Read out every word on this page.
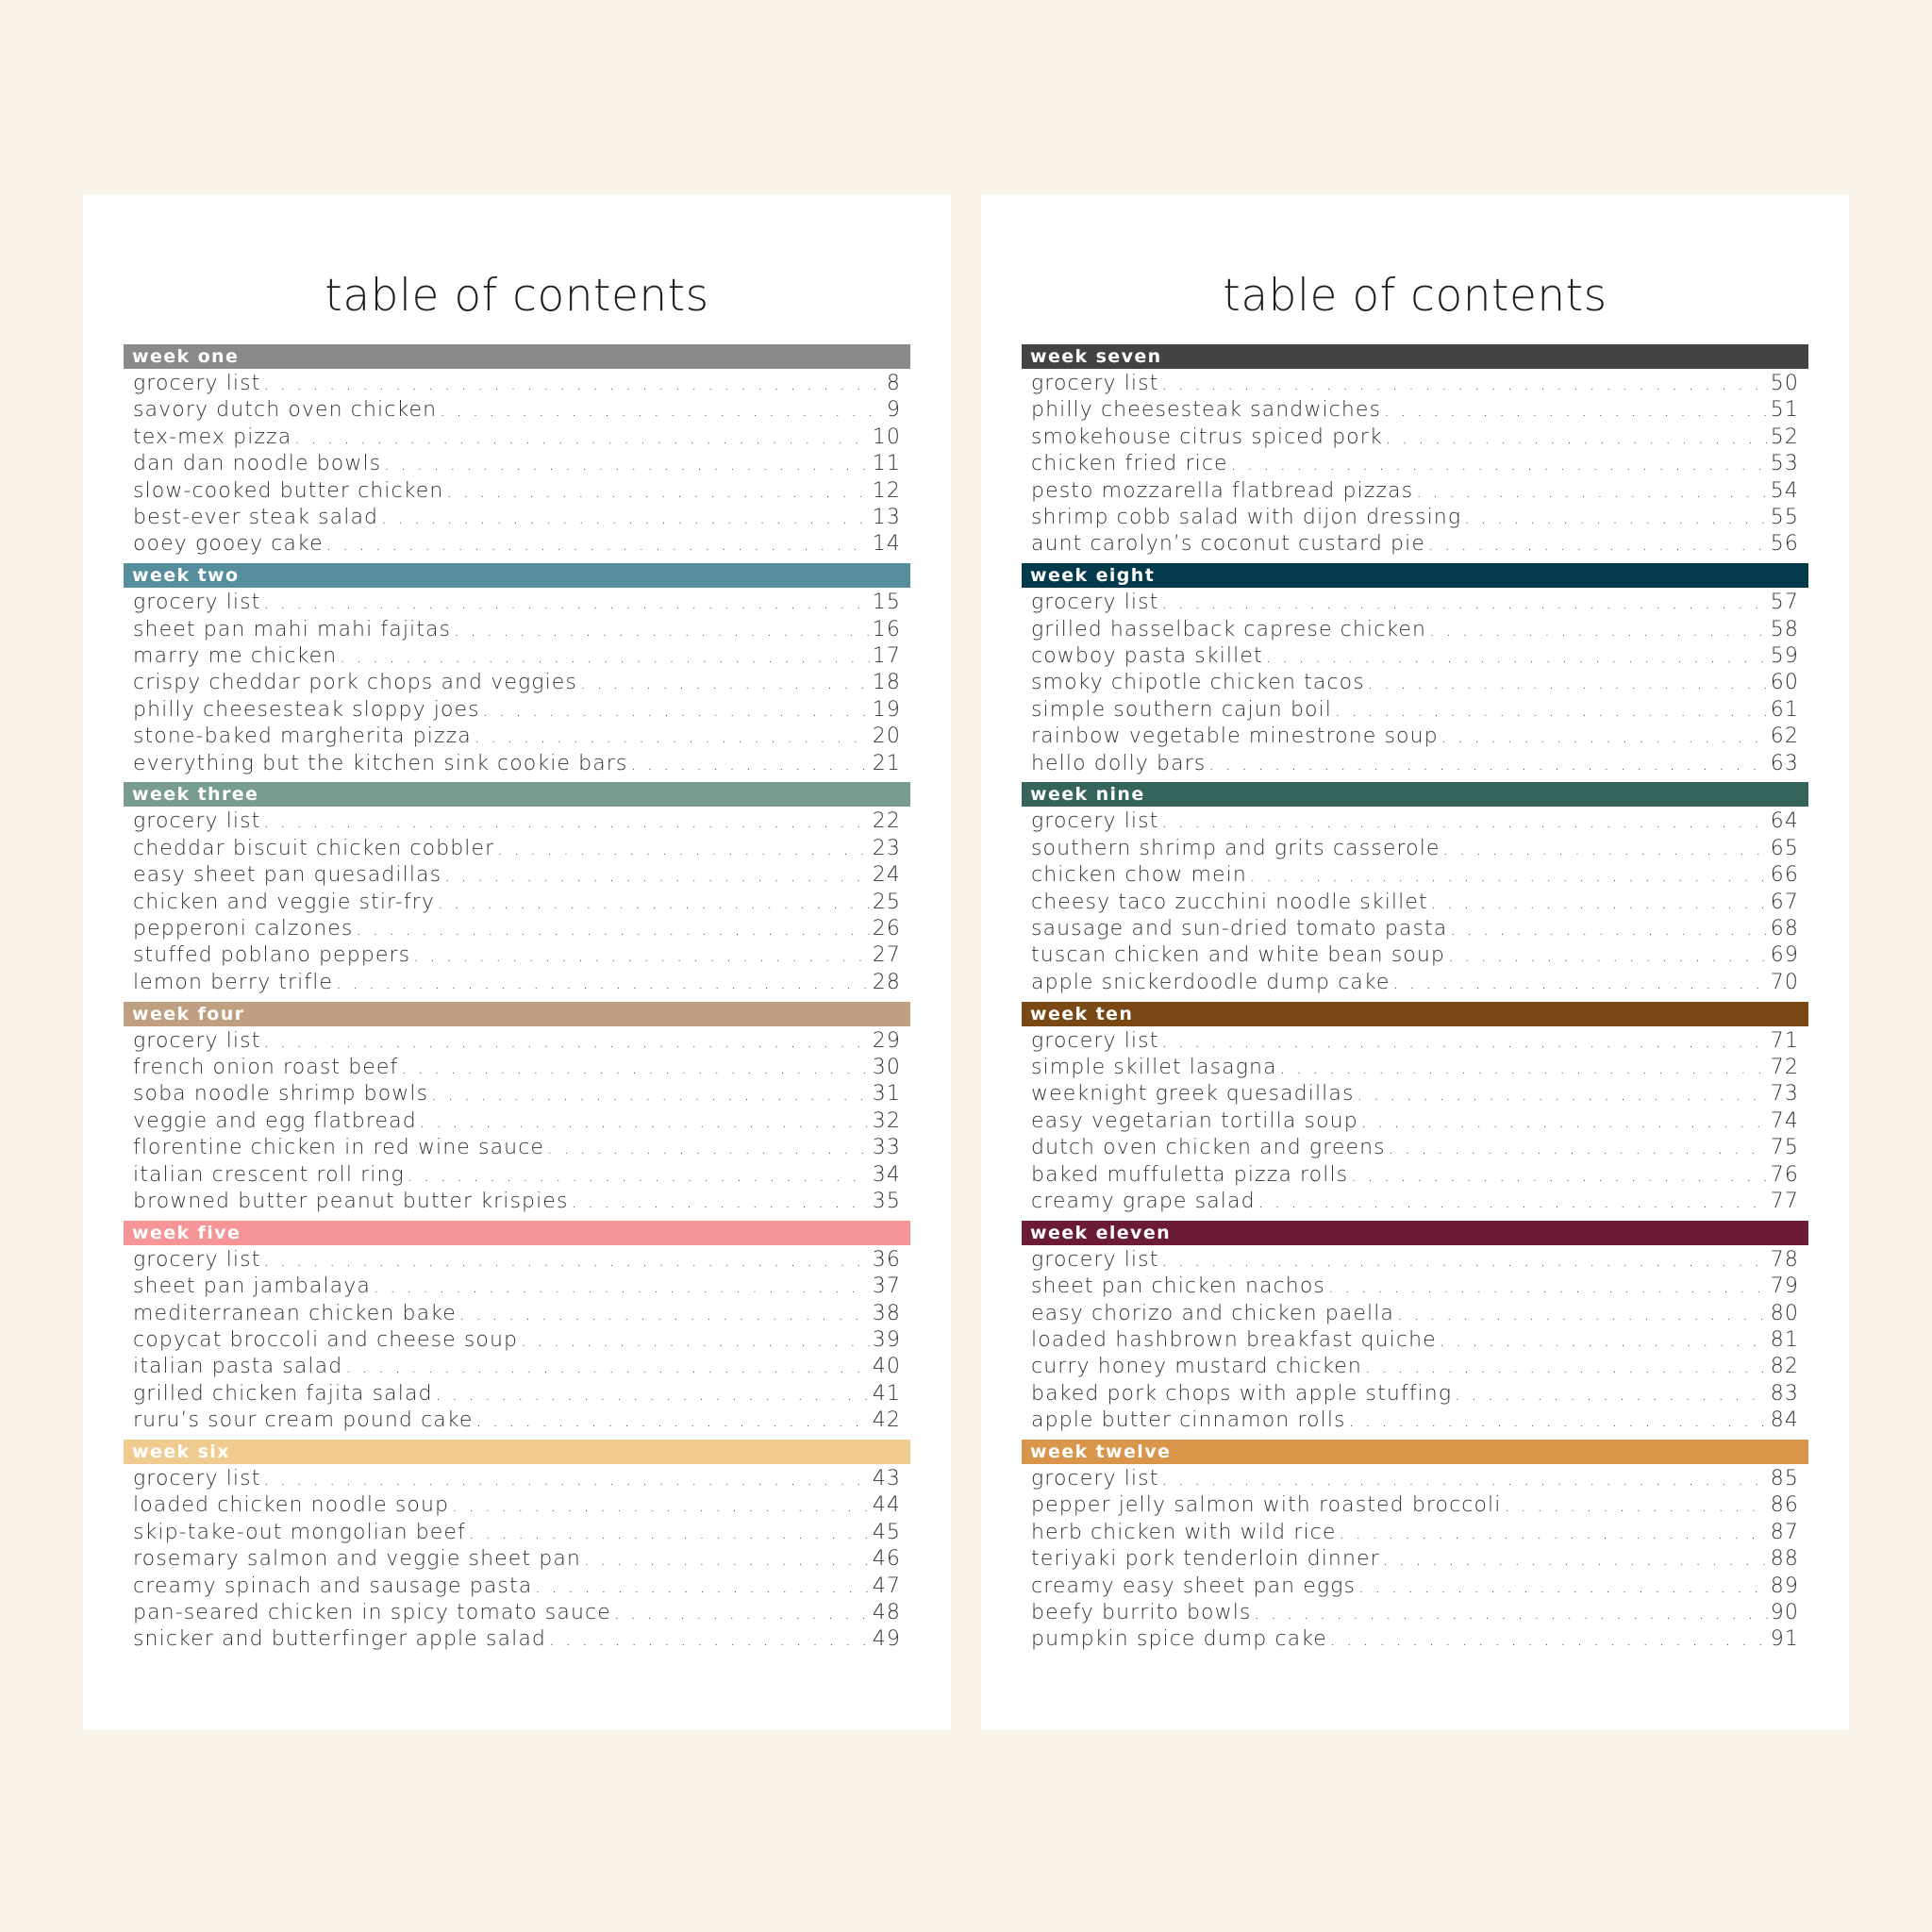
table of contents
week one
grocery list . . .	8
savory dutch oven chicken . . .	9
tex-mex pizza . . .	10
dan dan noodle bowls . . .	11
slow-cooked butter chicken . . .	12
best-ever steak salad . . .	13
ooey gooey cake . . .	14
week two
grocery list . . .	15
sheet pan mahi mahi fajitas . . .	16
marry me chicken . . .	17
crispy cheddar pork chops and veggies . . .	18
philly cheesesteak sloppy joes . . .	19
stone-baked margherita pizza . . .	20
everything but the kitchen sink cookie bars . . .	21
week three
grocery list . . .	22
cheddar biscuit chicken cobbler . . .	23
easy sheet pan quesadillas . . .	24
chicken and veggie stir-fry . . .	25
pepperoni calzones . . .	26
stuffed poblano peppers . . .	27
lemon berry trifle . . .	28
week four
grocery list . . .	29
french onion roast beef . . .	30
soba noodle shrimp bowls . . .	31
veggie and egg flatbread . . .	32
florentine chicken in red wine sauce . . .	33
italian crescent roll ring . . .	34
browned butter peanut butter krispies . . .	35
week five
grocery list . . .	36
sheet pan jambalaya . . .	37
mediterranean chicken bake . . .	38
copycat broccoli and cheese soup . . .	39
italian pasta salad . . .	40
grilled chicken fajita salad . . .	41
ruru’s sour cream pound cake . . .	42
week six
grocery list . . .	43
loaded chicken noodle soup . . .	44
skip-take-out mongolian beef . . .	45
rosemary salmon and veggie sheet pan . . .	46
creamy spinach and sausage pasta . . .	47
pan-seared chicken in spicy tomato sauce . . .	48
snicker and butterfinger apple salad . . .	49
table of contents
week seven
grocery list . . .	50
philly cheesesteak sandwiches . . .	51
smokehouse citrus spiced pork . . .	52
chicken fried rice . . .	53
pesto mozzarella flatbread pizzas . . .	54
shrimp cobb salad with dijon dressing . . .	55
aunt carolyn’s coconut custard pie . . .	56
week eight
grocery list . . .	57
grilled hasselback caprese chicken . . .	58
cowboy pasta skillet . . .	59
smoky chipotle chicken tacos . . .	60
simple southern cajun boil . . .	61
rainbow vegetable minestrone soup . . .	62
hello dolly bars . . .	63
week nine
grocery list . . .	64
southern shrimp and grits casserole . . .	65
chicken chow mein . . .	66
cheesy taco zucchini noodle skillet . . .	67
sausage and sun-dried tomato pasta . . .	68
tuscan chicken and white bean soup . . .	69
apple snickerdoodle dump cake . . .	70
week ten
grocery list . . .	71
simple skillet lasagna . . .	72
weeknight greek quesadillas . . .	73
easy vegetarian tortilla soup . . .	74
dutch oven chicken and greens . . .	75
baked muffuletta pizza rolls . . .	76
creamy grape salad . . .	77
week eleven
grocery list . . .	78
sheet pan chicken nachos . . .	79
easy chorizo and chicken paella . . .	80
loaded hashbrown breakfast quiche . . .	81
curry honey mustard chicken . . .	82
baked pork chops with apple stuffing . . .	83
apple butter cinnamon rolls . . .	84
week twelve
grocery list . . .	85
pepper jelly salmon with roasted broccoli . . .	86
herb chicken with wild rice . . .	87
teriyaki pork tenderloin dinner . . .	88
creamy easy sheet pan eggs . . .	89
beefy burrito bowls . . .	90
pumpkin spice dump cake . . .	91
